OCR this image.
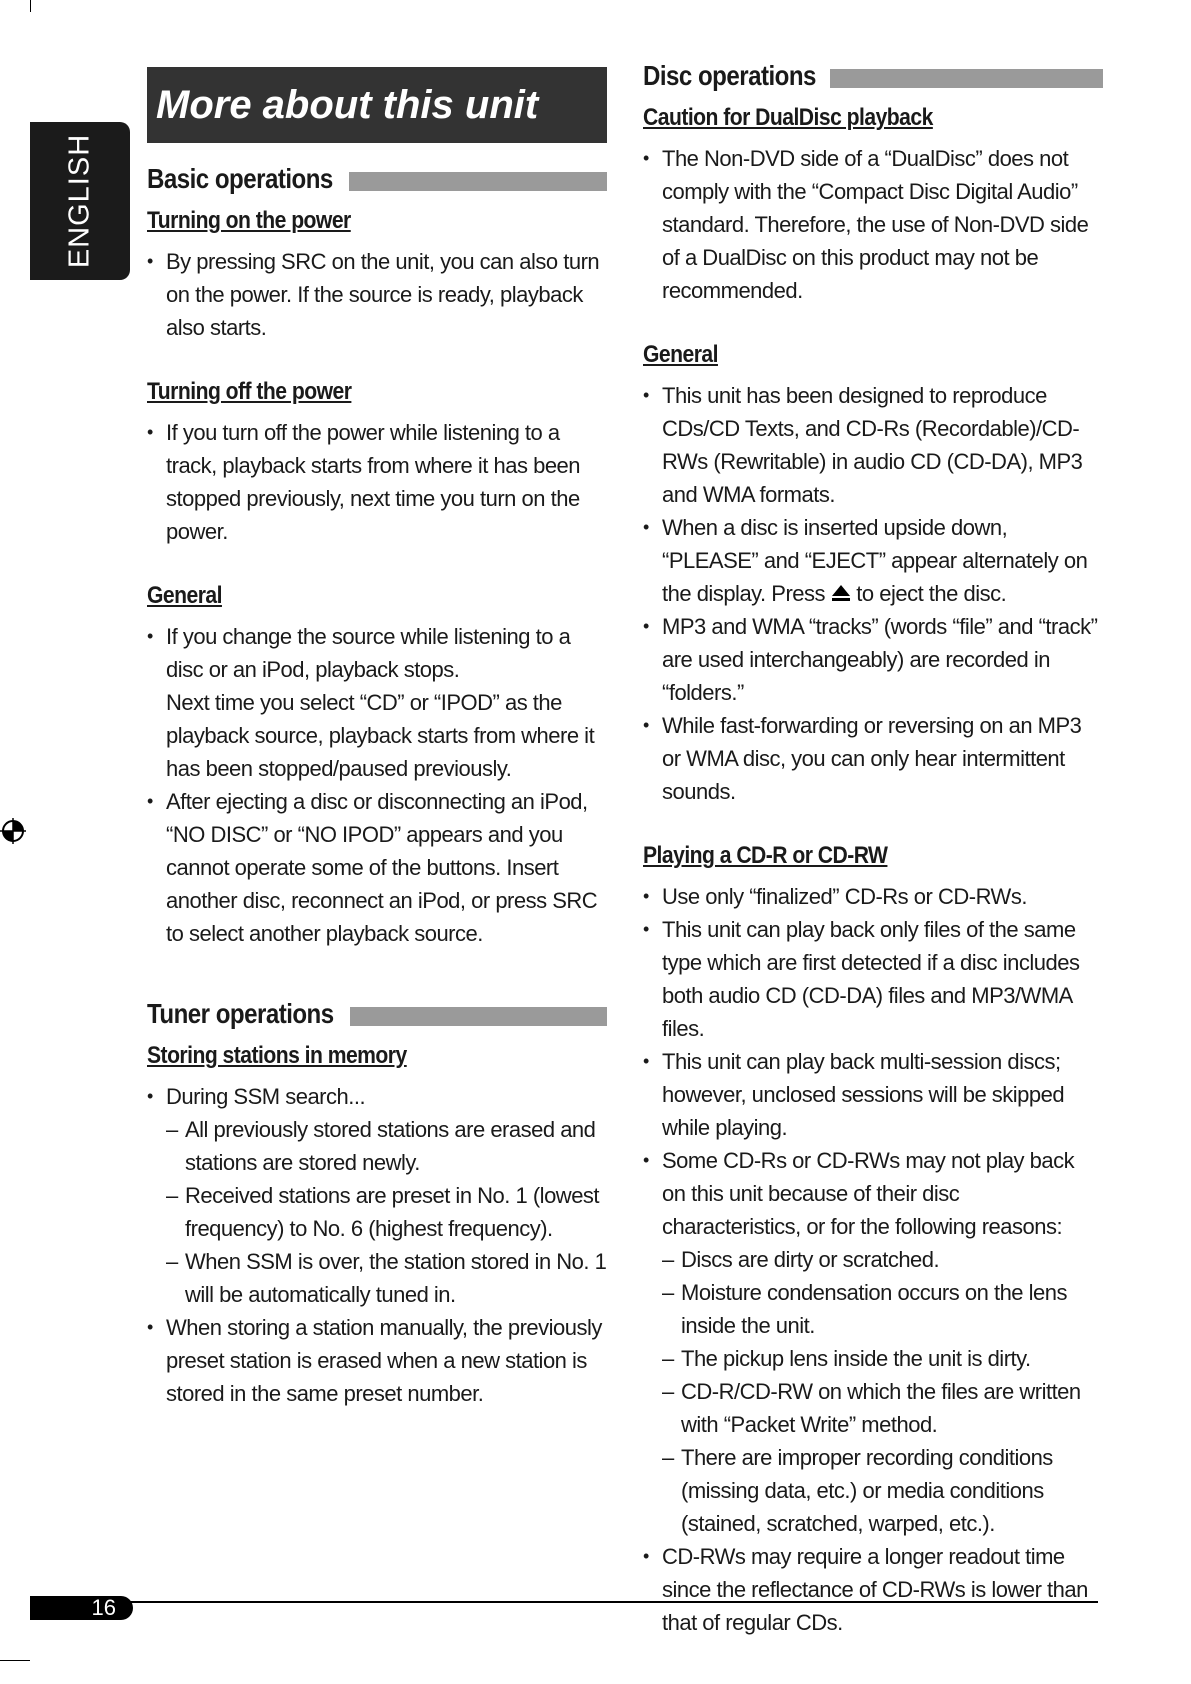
ENGLISH
More about this unit
Basic operations
Turning on the power
• By pressing SRC on the unit, you can also turn on the power. If the source is ready, playback also starts.
Turning off the power
• If you turn off the power while listening to a track, playback starts from where it has been stopped previously, next time you turn on the power.
General
• If you change the source while listening to a disc or an iPod, playback stops.
Next time you select “CD” or “IPOD” as the playback source, playback starts from where it has been stopped/paused previously.
• After ejecting a disc or disconnecting an iPod, “NO DISC” or “NO IPOD” appears and you cannot operate some of the buttons. Insert another disc, reconnect an iPod, or press SRC to select another playback source.
Tuner operations
Storing stations in memory
• During SSM search...
– All previously stored stations are erased and stations are stored newly.
– Received stations are preset in No. 1 (lowest frequency) to No. 6 (highest frequency).
– When SSM is over, the station stored in No. 1 will be automatically tuned in.
• When storing a station manually, the previously preset station is erased when a new station is stored in the same preset number.
Disc operations
Caution for DualDisc playback
• The Non-DVD side of a “DualDisc” does not comply with the “Compact Disc Digital Audio” standard. Therefore, the use of Non-DVD side of a DualDisc on this product may not be recommended.
General
• This unit has been designed to reproduce CDs/CD Texts, and CD-Rs (Recordable)/CD-RWs (Rewritable) in audio CD (CD-DA), MP3 and WMA formats.
• When a disc is inserted upside down, “PLEASE” and “EJECT” appear alternately on the display. Press to eject the disc.
• MP3 and WMA “tracks” (words “file” and “track” are used interchangeably) are recorded in “folders.”
• While fast-forwarding or reversing on an MP3 or WMA disc, you can only hear intermittent sounds.
Playing a CD-R or CD-RW
• Use only “finalized” CD-Rs or CD-RWs.
• This unit can play back only files of the same type which are first detected if a disc includes both audio CD (CD-DA) files and MP3/WMA files.
• This unit can play back multi-session discs; however, unclosed sessions will be skipped while playing.
• Some CD-Rs or CD-RWs may not play back on this unit because of their disc characteristics, or for the following reasons:
– Discs are dirty or scratched.
– Moisture condensation occurs on the lens inside the unit.
– The pickup lens inside the unit is dirty.
– CD-R/CD-RW on which the files are written with “Packet Write” method.
– There are improper recording conditions (missing data, etc.) or media conditions (stained, scratched, warped, etc.).
• CD-RWs may require a longer readout time since the reflectance of CD-RWs is lower than that of regular CDs.
16
